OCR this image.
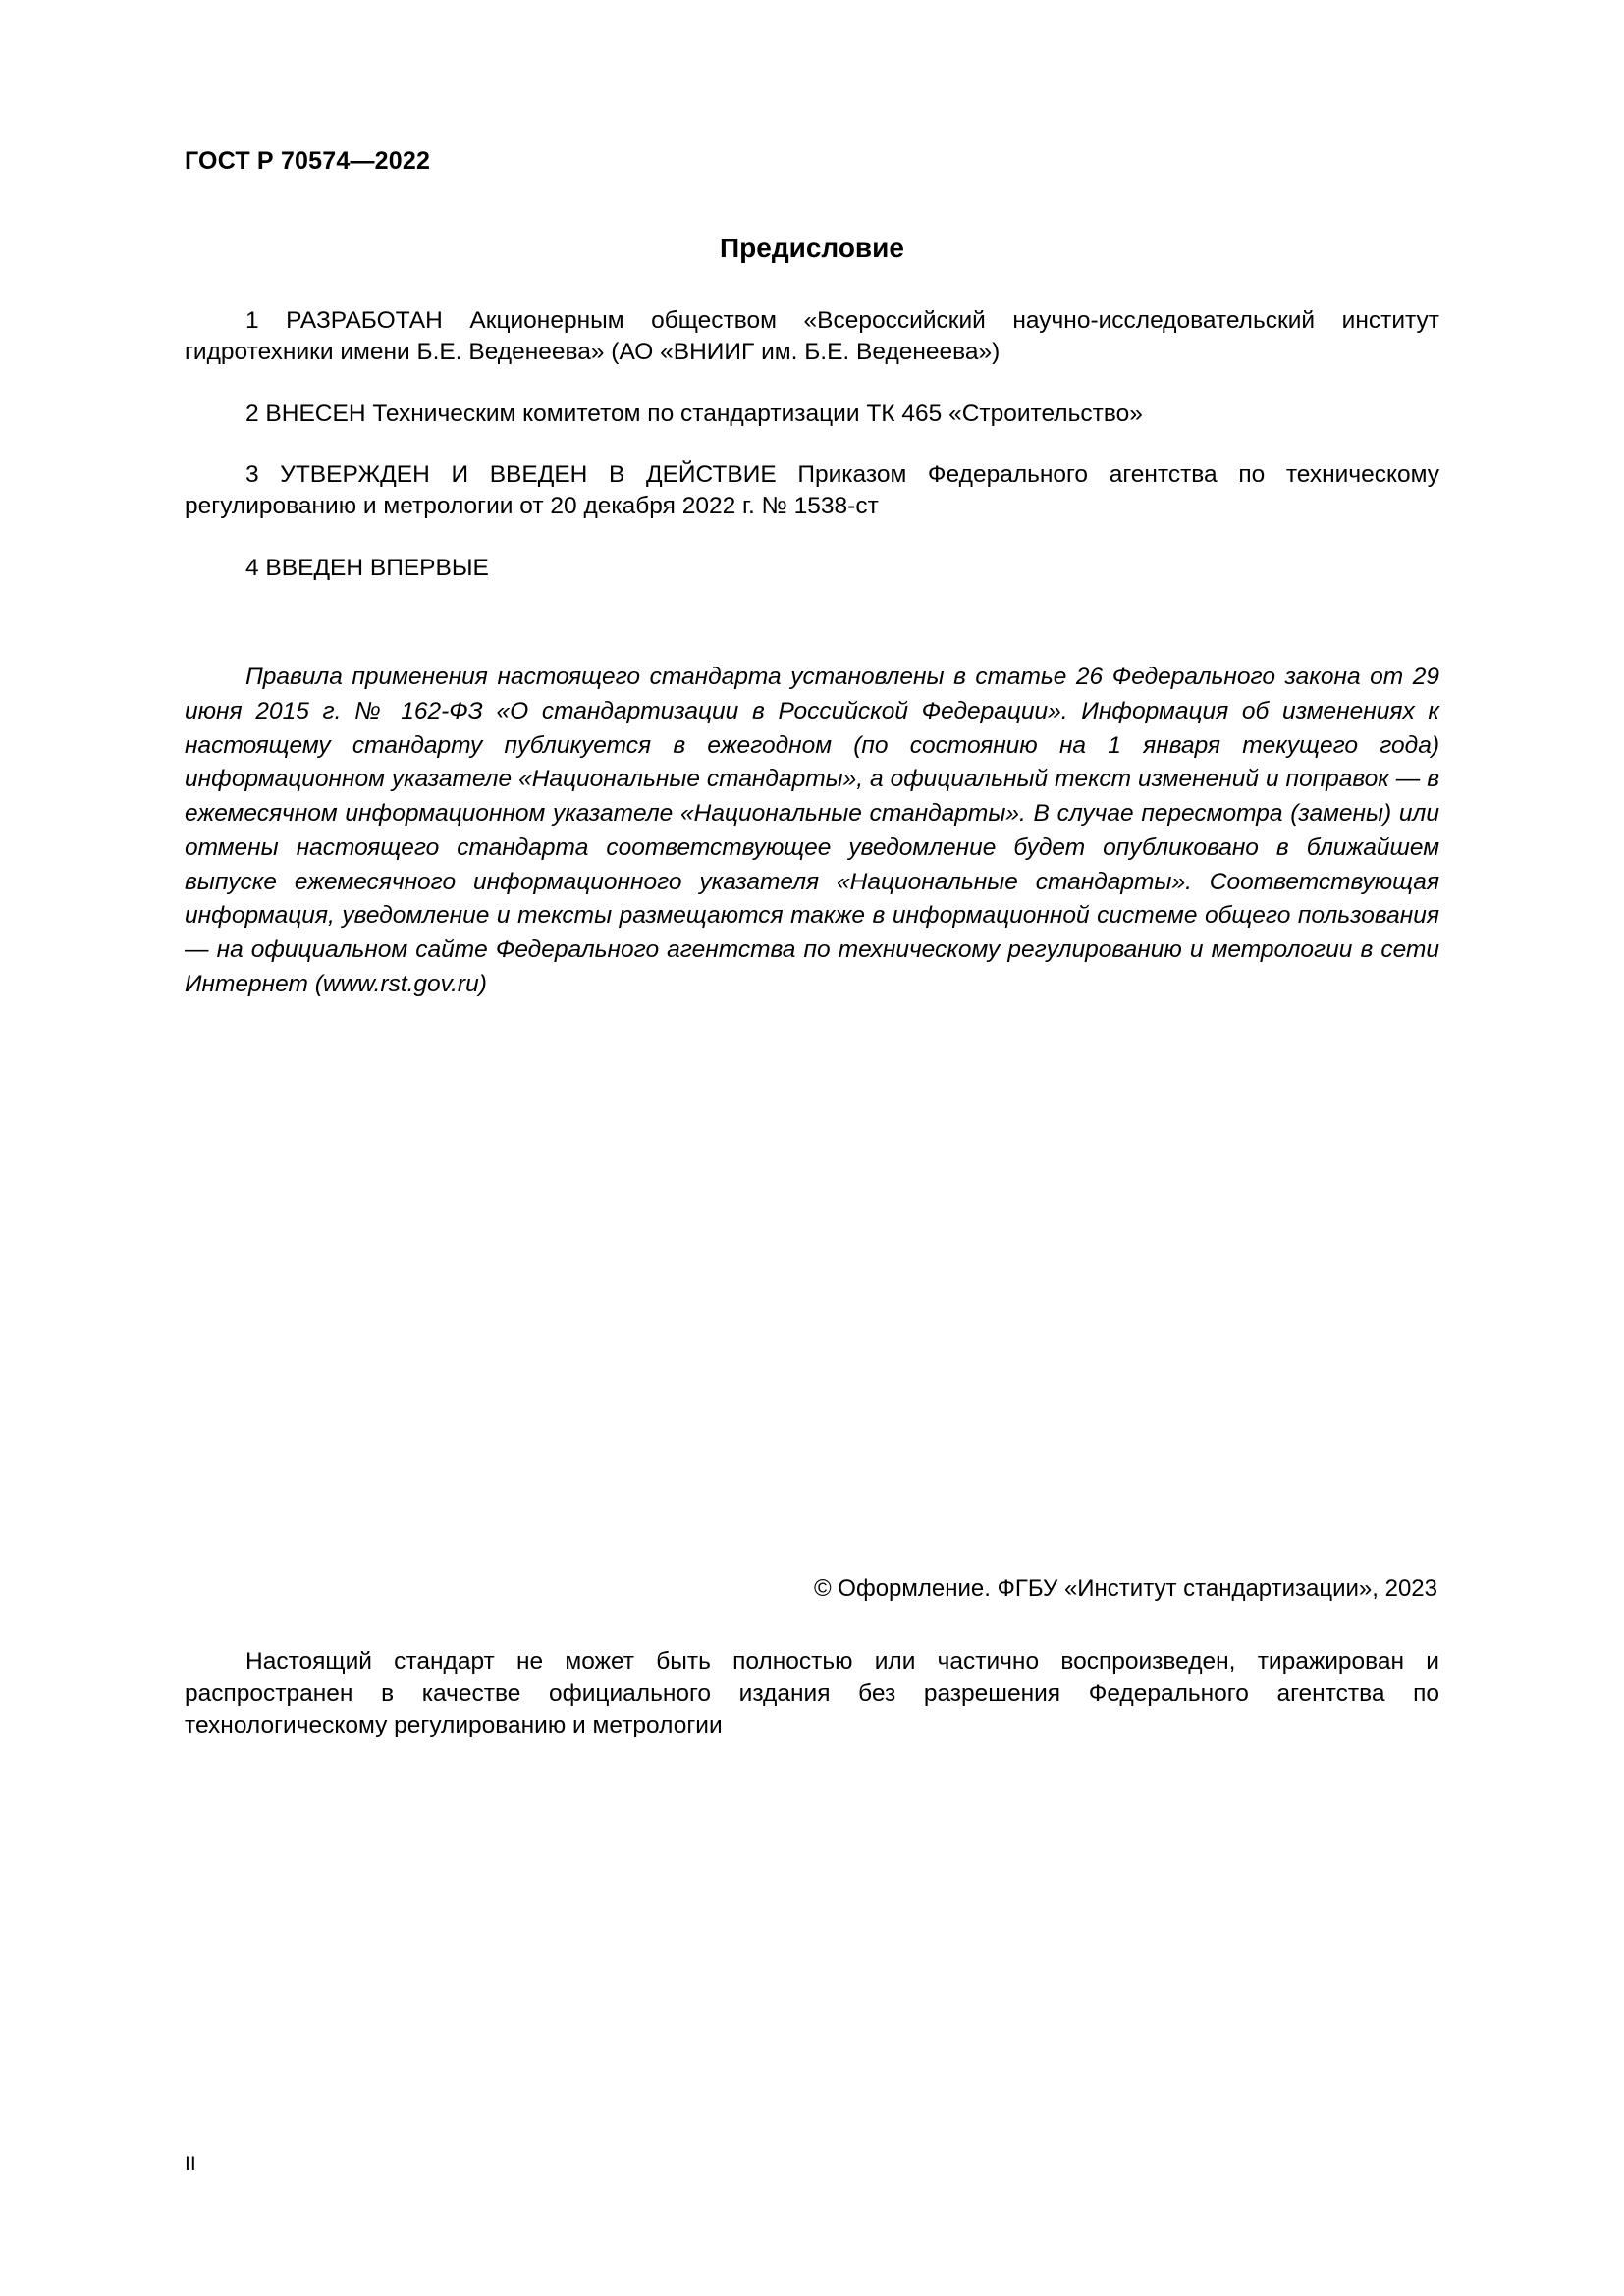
ГОСТ Р 70574—2022
Предисловие

1 РАЗРАБОТАН Акционерным обществом «Всероссийский научно-исследовательский институт гидротехники имени Б.Е. Веденеева» (АО «ВНИИГ им. Б.Е. Веденеева»)

2 ВНЕСЕН Техническим комитетом по стандартизации ТК 465 «Строительство»

3 УТВЕРЖДЕН И ВВЕДЕН В ДЕЙСТВИЕ Приказом Федерального агентства по техническому регулированию и метрологии от 20 декабря 2022 г. № 1538-ст

4 ВВЕДЕН ВПЕРВЫЕ

Правила применения настоящего стандарта установлены в статье 26 Федерального закона от 29 июня 2015 г. № 162-ФЗ «О стандартизации в Российской Федерации». Информация об изменениях к настоящему стандарту публикуется в ежегодном (по состоянию на 1 января текущего года) информационном указателе «Национальные стандарты», а официальный текст изменений и поправок — в ежемесячном информационном указателе «Национальные стандарты». В случае пересмотра (замены) или отмены настоящего стандарта соответствующее уведомление будет опубликовано в ближайшем выпуске ежемесячного информационного указателя «Национальные стандарты». Соответствующая информация, уведомление и тексты размещаются также в информационной системе общего пользования — на официальном сайте Федерального агентства по техническому регулированию и метрологии в сети Интернет (www.rst.gov.ru)

© Оформление. ФГБУ «Институт стандартизации», 2023

Настоящий стандарт не может быть полностью или частично воспроизведен, тиражирован и распространен в качестве официального издания без разрешения Федерального агентства по технологическому регулированию и метрологии

II
